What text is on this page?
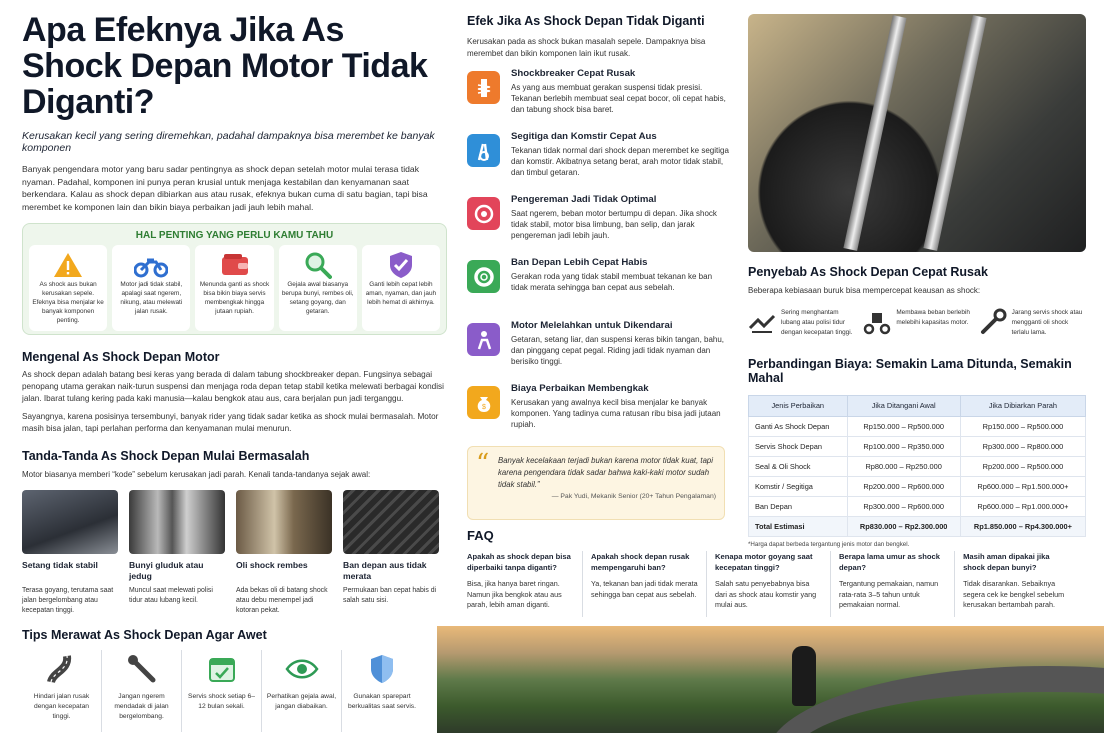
Apa Efeknya Jika As Shock Depan Motor Tidak Diganti?
Kerusakan kecil yang sering diremehkan, padahal dampaknya bisa merembet ke banyak komponen

Banyak pengendara motor yang baru sadar pentingnya as shock depan setelah motor mulai terasa tidak nyaman. Padahal, komponen ini punya peran krusial untuk menjaga kestabilan dan kenyamanan saat berkendara. Kalau as shock depan dibiarkan aus atau rusak, efeknya bukan cuma di satu bagian, tapi bisa merembet ke komponen lain dan bikin biaya perbaikan jadi jauh lebih mahal.

HAL PENTING YANG PERLU KAMU TAHU
As shock aus bukan kerusakan sepele. Efeknya bisa menjalar ke banyak komponen penting.
Motor jadi tidak stabil, apalagi saat ngerem, nikung, atau melewati jalan rusak.
Menunda ganti as shock bisa bikin biaya servis membengkak hingga jutaan rupiah.
Gejala awal biasanya berupa bunyi, rembes oli, setang goyang, dan getaran.
Ganti lebih cepat lebih aman, nyaman, dan jauh lebih hemat di akhirnya.
Mengenal As Shock Depan Motor

As shock depan adalah batang besi keras yang berada di dalam tabung shockbreaker depan. Fungsinya sebagai penopang utama gerakan naik-turun suspensi dan menjaga roda depan tetap stabil ketika melewati berbagai kondisi jalan. Ibarat tulang kering pada kaki manusia—kalau bengkok atau aus, cara berjalan pun jadi terganggu.

Sayangnya, karena posisinya tersembunyi, banyak rider yang tidak sadar ketika as shock mulai bermasalah. Motor masih bisa jalan, tapi perlahan performa dan kenyamanan mulai menurun.

Tanda-Tanda As Shock Depan Mulai Bermasalah

Motor biasanya memberi “kode” sebelum kerusakan jadi parah. Kenali tanda-tandanya sejak awal:

Setang tidak stabil
Terasa goyang, terutama saat jalan bergelombang atau kecepatan tinggi.
Bunyi gluduk atau jedug
Muncul saat melewati polisi tidur atau lubang kecil.
Oli shock rembes
Ada bekas oli di batang shock atau debu menempel jadi kotoran pekat.
Ban depan aus tidak merata
Permukaan ban cepat habis di salah satu sisi.
Tips Merawat As Shock Depan Agar Awet
Hindari jalan rusak dengan kecepatan tinggi.
Jangan ngerem mendadak di jalan bergelombang.
Servis shock setiap 6–12 bulan sekali.
Perhatikan gejala awal, jangan diabaikan.
Gunakan sparepart berkualitas saat servis.
Efek Jika As Shock Depan Tidak Diganti

Kerusakan pada as shock bukan masalah sepele. Dampaknya bisa merembet dan bikin komponen lain ikut rusak.

Shockbreaker Cepat Rusak
As yang aus membuat gerakan suspensi tidak presisi. Tekanan berlebih membuat seal cepat bocor, oli cepat habis, dan tabung shock bisa baret.
Segitiga dan Komstir Cepat Aus
Tekanan tidak normal dari shock depan merembet ke segitiga dan komstir. Akibatnya setang berat, arah motor tidak stabil, dan timbul getaran.
Pengereman Jadi Tidak Optimal
Saat ngerem, beban motor bertumpu di depan. Jika shock tidak stabil, motor bisa limbung, ban selip, dan jarak pengereman jadi lebih jauh.
Ban Depan Lebih Cepat Habis
Gerakan roda yang tidak stabil membuat tekanan ke ban tidak merata sehingga ban cepat aus sebelah.
Motor Melelahkan untuk Dikendarai
Getaran, setang liar, dan suspensi keras bikin tangan, bahu, dan pinggang cepat pegal. Riding jadi tidak nyaman dan berisiko tinggi.
$
Biaya Perbaikan Membengkak
Kerusakan yang awalnya kecil bisa menjalar ke banyak komponen. Yang tadinya cuma ratusan ribu bisa jadi jutaan rupiah.
“ Banyak kecelakaan terjadi bukan karena motor tidak kuat, tapi karena pengendara tidak sadar bahwa kaki-kaki motor sudah tidak stabil.”
— Pak Yudi, Mekanik Senior (20+ Tahun Pengalaman)
Penyebab As Shock Depan Cepat Rusak

Beberapa kebiasaan buruk bisa mempercepat keausan as shock:

Sering menghantam lubang atau polisi tidur dengan kecepatan tinggi.
Membawa beban berlebih melebihi kapasitas motor.
Jarang servis shock atau mengganti oli shock terlalu lama.
Perbandingan Biaya: Semakin Lama Ditunda, Semakin Mahal
Jenis Perbaikan	Jika Ditangani Awal	Jika Dibiarkan Parah
Ganti As Shock Depan	Rp150.000 – Rp500.000	Rp150.000 – Rp500.000
Servis Shock Depan	Rp100.000 – Rp350.000	Rp300.000 – Rp800.000
Seal & Oli Shock	Rp80.000 – Rp250.000	Rp200.000 – Rp500.000
Komstir / Segitiga	Rp200.000 – Rp600.000	Rp600.000 – Rp1.500.000+
Ban Depan	Rp300.000 – Rp600.000	Rp600.000 – Rp1.000.000+
Total Estimasi	Rp830.000 – Rp2.300.000	Rp1.850.000 – Rp4.300.000+
*Harga dapat berbeda tergantung jenis motor dan bengkel.
FAQ
Apakah as shock depan bisa diperbaiki tanpa diganti?
Bisa, jika hanya baret ringan. Namun jika bengkok atau aus parah, lebih aman diganti.
Apakah shock depan rusak mempengaruhi ban?
Ya, tekanan ban jadi tidak merata sehingga ban cepat aus sebelah.
Kenapa motor goyang saat kecepatan tinggi?
Salah satu penyebabnya bisa dari as shock atau komstir yang mulai aus.
Berapa lama umur as shock depan?
Tergantung pemakaian, namun rata-rata 3–5 tahun untuk pemakaian normal.
Masih aman dipakai jika shock depan bunyi?
Tidak disarankan. Sebaiknya segera cek ke bengkel sebelum kerusakan bertambah parah.
